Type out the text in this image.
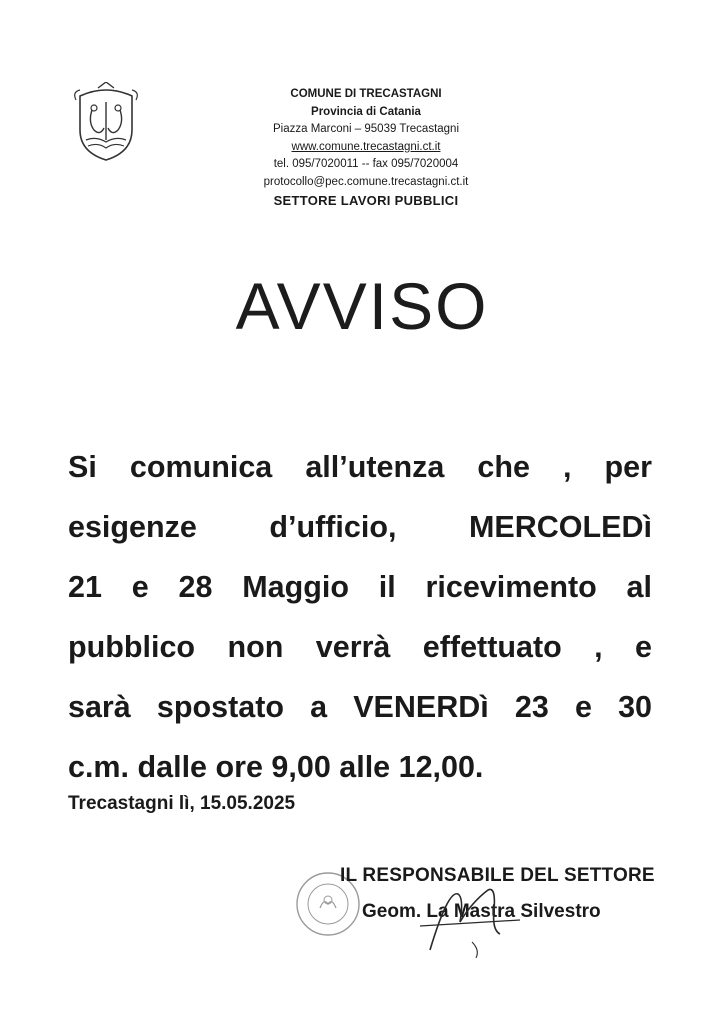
COMUNE DI TRECASTAGNI
Provincia di Catania
Piazza Marconi – 95039 Trecastagni
www.comune.trecastagni.ct.it
tel. 095/7020011 -- fax 095/7020004
protocollo@pec.comune.trecastagni.ct.it
SETTORE LAVORI PUBBLICI
AVVISO
Si comunica all’utenza che , per
esigenze d’ufficio, MERCOLEDì
21 e 28 Maggio il ricevimento al
pubblico non verrà effettuato , e
sarà spostato a VENERDì 23 e 30
c.m. dalle ore 9,00 alle 12,00.
Trecastagni lì, 15.05.2025
IL RESPONSABILE DEL SETTORE
Geom. La Mastra Silvestro
